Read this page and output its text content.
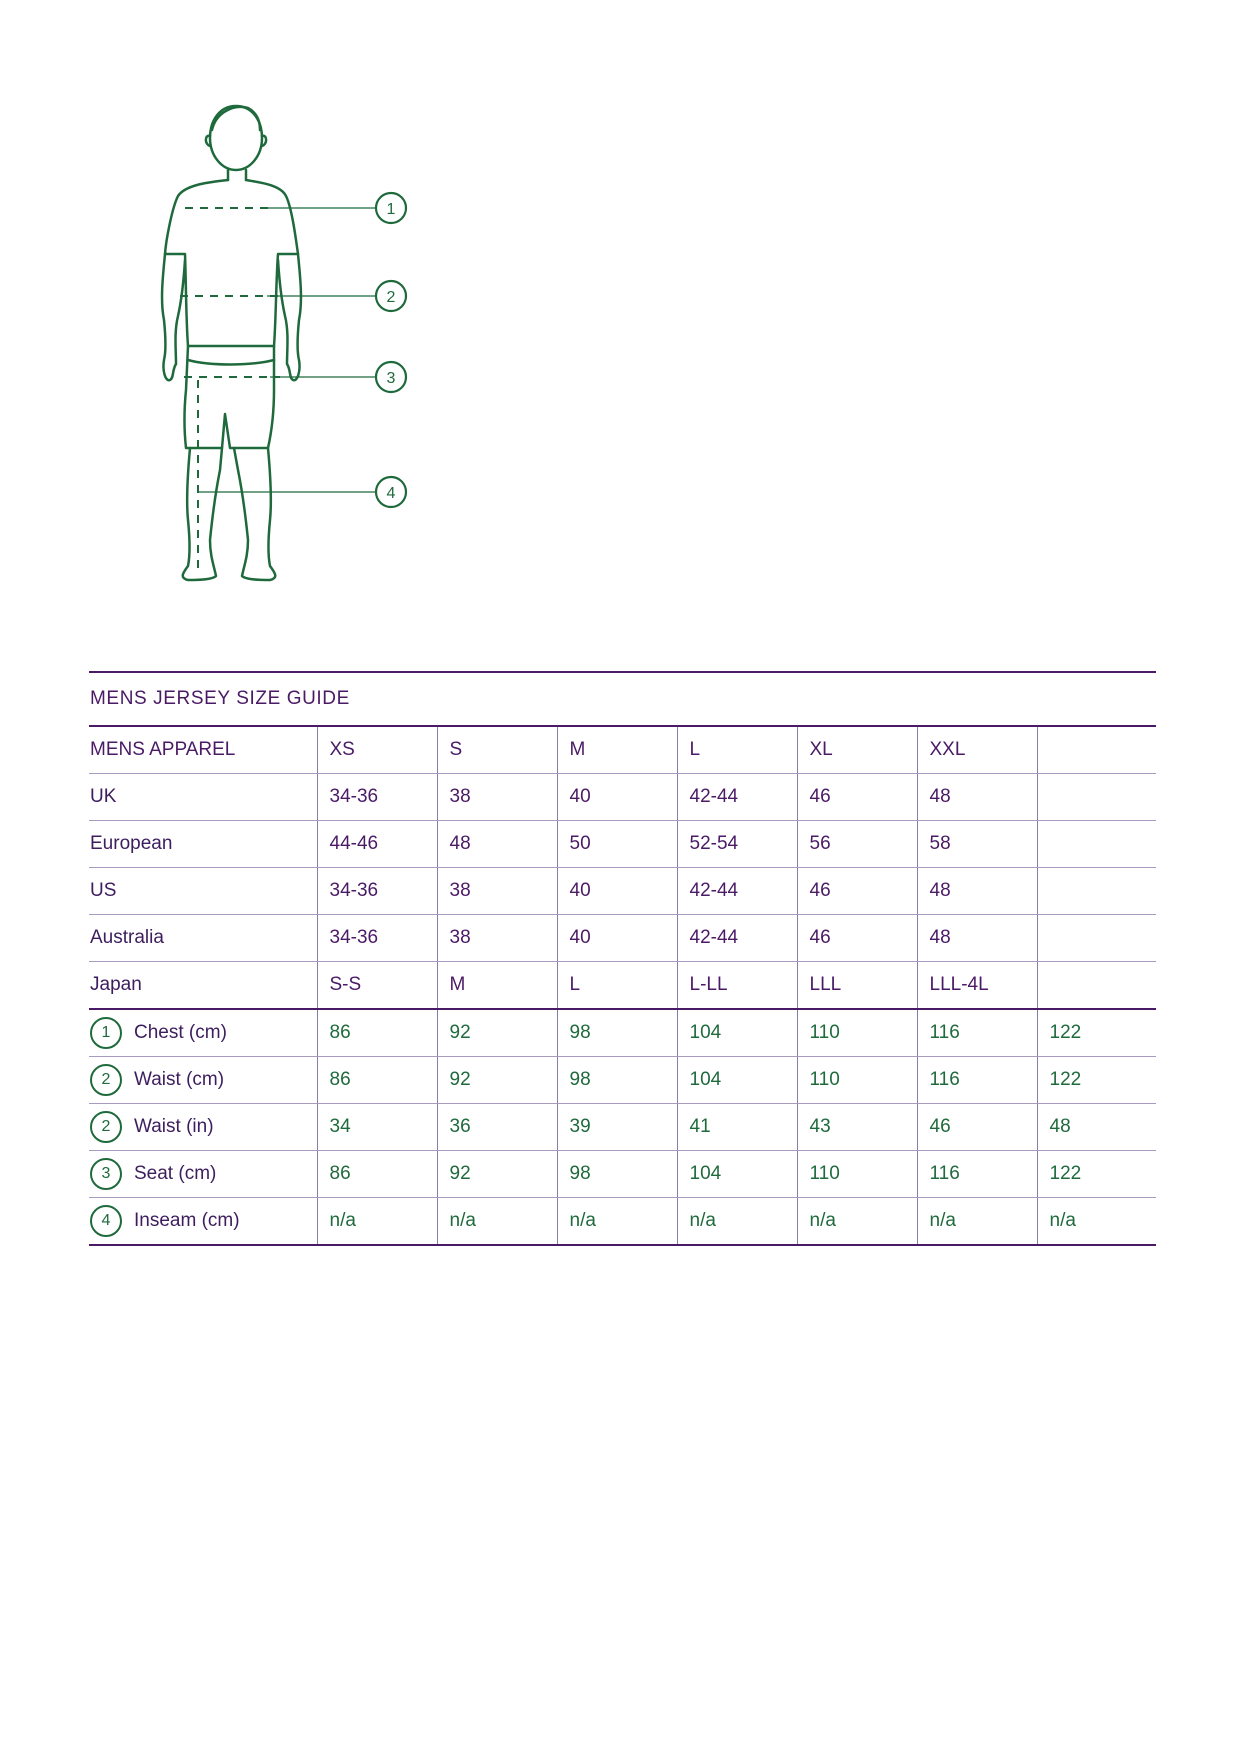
1
2
3
4
MENS JERSEY SIZE GUIDE
MENS APPAREL	XS	S	M	L	XL	XXL	
UK	34-36	38	40	42-44	46	48	
European	44-46	48	50	52-54	56	58	
US	34-36	38	40	42-44	46	48	
Australia	34-36	38	40	42-44	46	48	
Japan	S-S	M	L	L-LL	LLL	LLL-4L	
1 Chest (cm)	86	92	98	104	110	116	122
2 Waist (cm)	86	92	98	104	110	116	122
2 Waist (in)	34	36	39	41	43	46	48
3 Seat (cm)	86	92	98	104	110	116	122
4 Inseam (cm)	n/a	n/a	n/a	n/a	n/a	n/a	n/a
